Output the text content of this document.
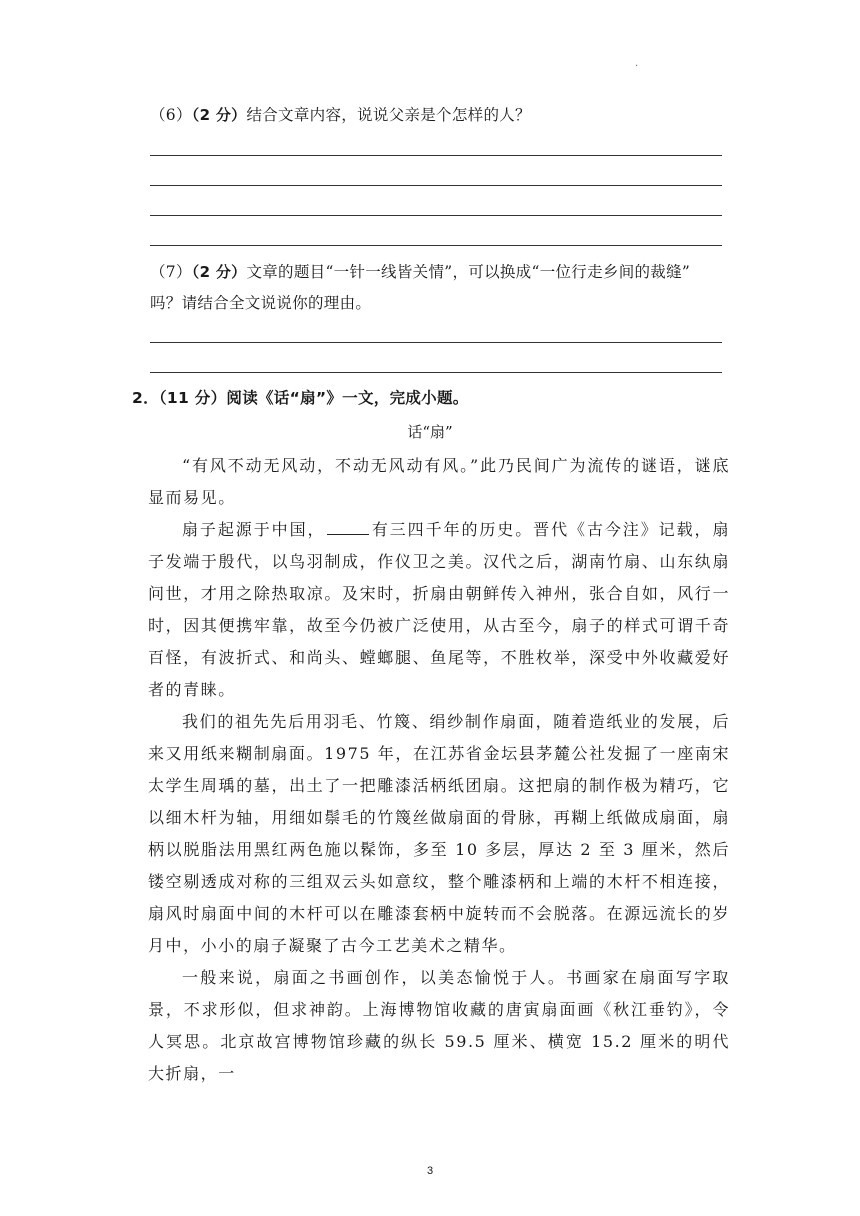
.
（6）（2 分）结合文章内容，说说父亲是个怎样的人？
（7）（2 分）文章的题目“一针一线皆关情”，可以换成“一位行走乡间的裁缝”
吗？请结合全文说说你的理由。
2．（11 分）阅读《话“扇”》一文，完成小题。
话“扇”

“有风不动无风动，不动无风动有风。”此乃民间广为流传的谜语，谜底显而易见。

扇子起源于中国，	有三四千年的历史。晋代《古今注》记载，扇子发端于殷代，以鸟羽制成，作仪卫之美。汉代之后，湖南竹扇、山东纨扇问世，才用之除热取凉。及宋时，折扇由朝鲜传入神州，张合自如，风行一时，因其便携牢靠，故至今仍被广泛使用，从古至今，扇子的样式可谓千奇百怪，有波折式、和尚头、螳螂腿、鱼尾等，不胜枚举，深受中外收藏爱好者的青睐。

我们的祖先先后用羽毛、竹篾、绢纱制作扇面，随着造纸业的发展，后来又用纸来糊制扇面。1975 年，在江苏省金坛县茅麓公社发掘了一座南宋太学生周瑀的墓，出土了一把雕漆活柄纸团扇。这把扇的制作极为精巧，它以细木杆为轴，用细如鬃毛的竹篾丝做扇面的骨脉，再糊上纸做成扇面，扇柄以脱脂法用黑红两色施以髹饰，多至 10 多层，厚达 2 至 3 厘米，然后镂空剔透成对称的三组双云头如意纹，整个雕漆柄和上端的木杆不相连接，扇风时扇面中间的木杆可以在雕漆套柄中旋转而不会脱落。在源远流长的岁月中，小小的扇子凝聚了古今工艺美术之精华。

一般来说，扇面之书画创作，以美态愉悦于人。书画家在扇面写字取景，不求形似，但求神韵。上海博物馆收藏的唐寅扇面画《秋江垂钓》，令人冥思。北京故宫博物馆珍藏的纵长 59.5 厘米、横宽 15.2 厘米的明代大折扇，一

3
